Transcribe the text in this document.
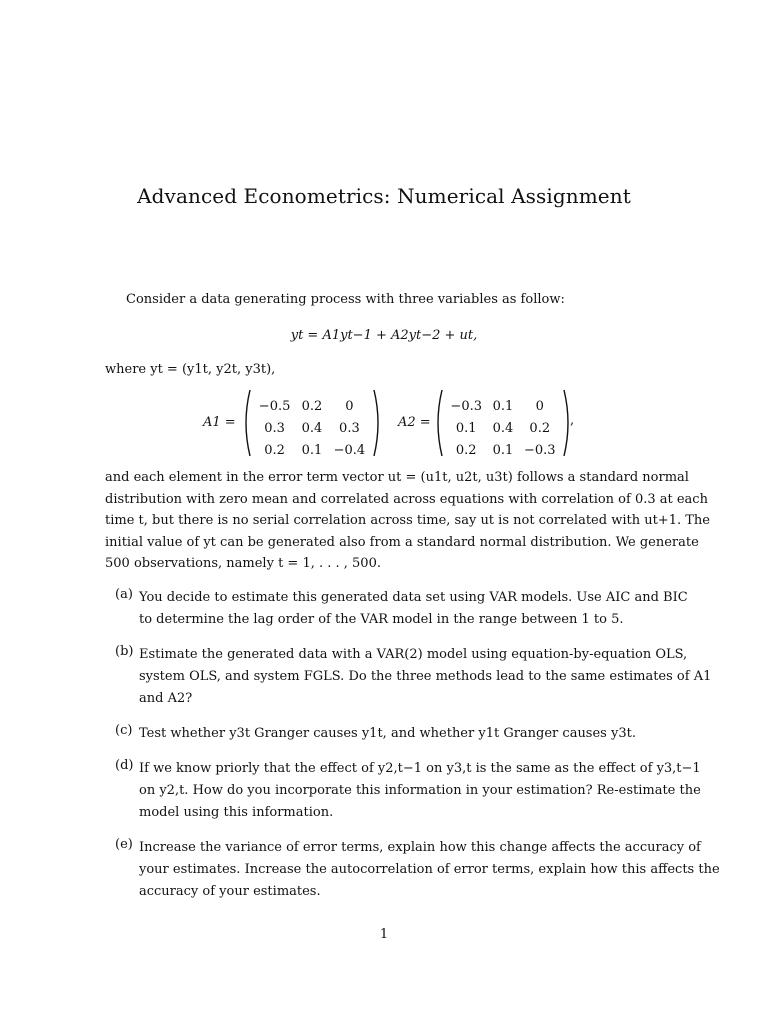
Advanced Econometrics: Numerical Assignment
Consider a data generating process with three variables as follow:
yt = A1yt−1 + A2yt−2 + ut,
where yt = (y1t, y2t, y3t),
A1 =
−0.5	0.2	0
0.3	0.4	0.3
0.2	0.1	−0.4
A2 =
−0.3	0.1	0
0.1	0.4	0.2
0.2	0.1	−0.3
,
and each element in the error term vector ut = (u1t, u2t, u3t) follows a standard normal
distribution with zero mean and correlated across equations with correlation of 0.3 at each
time t, but there is no serial correlation across time, say ut is not correlated with ut+1. The
initial value of yt can be generated also from a standard normal distribution. We generate
500 observations, namely t = 1, . . . , 500.
(a) You decide to estimate this generated data set using VAR models. Use AIC and BIC
to determine the lag order of the VAR model in the range between 1 to 5.
(b) Estimate the generated data with a VAR(2) model using equation-by-equation OLS,
system OLS, and system FGLS. Do the three methods lead to the same estimates of A1
and A2?
(c) Test whether y3t Granger causes y1t, and whether y1t Granger causes y3t.
(d) If we know priorly that the effect of y2,t−1 on y3,t is the same as the effect of y3,t−1
on y2,t. How do you incorporate this information in your estimation? Re-estimate the
model using this information.
(e) Increase the variance of error terms, explain how this change affects the accuracy of
your estimates. Increase the autocorrelation of error terms, explain how this affects the
accuracy of your estimates.
1
